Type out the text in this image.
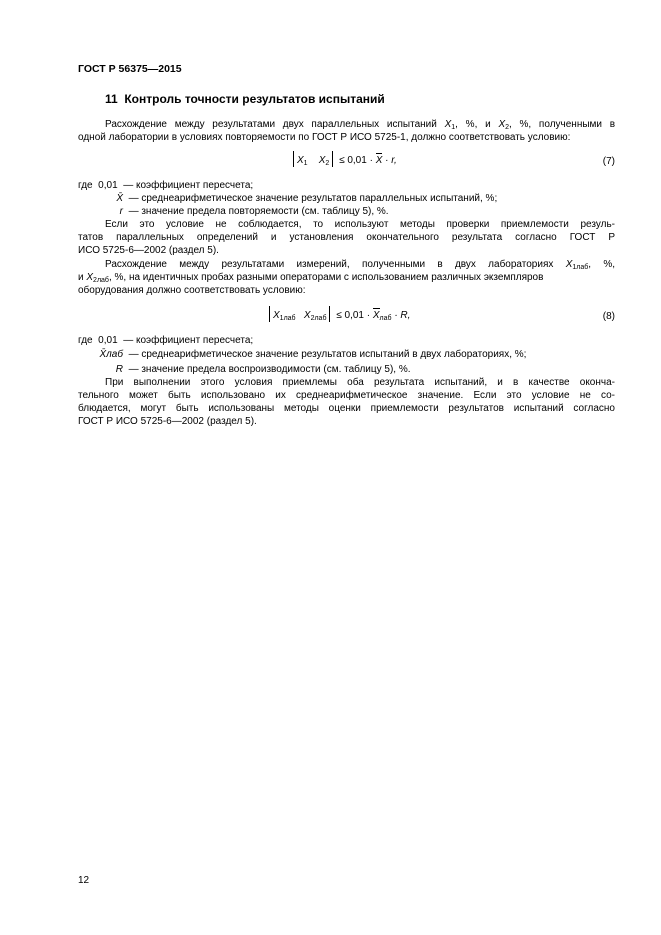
ГОСТ Р 56375—2015
11 Контроль точности результатов испытаний
Расхождение между результатами двух параллельных испытаний $X_1$, %, и $X_2$, %, полученными в
одной лаборатории в условиях повторяемости по ГОСТ Р ИСО 5725-1, должно соответствовать условию:
$X_1$ $X_2 \le 0,01 \cdot X \cdot r$,	(7)
где 0,01 — коэффициент пересчета;
X̄ — среднеарифметическое значение результатов параллельных испытаний, %;
r — значение предела повторяемости (см. таблицу 5), %.
Если это условие не соблюдается, то используют методы проверки приемлемости резуль-
татов параллельных определений и установления окончательного результата согласно ГОСТ Р
ИСО 5725-6—2002 (раздел 5).
Расхождение между результатами измерений, полученными в двух лабораториях $X_{1лаб}$, %,
и $X_{2лаб}$, %, на идентичных пробах разными операторами с использованием различных экземпляров
оборудования должно соответствовать условию:
$X_{1лаб}$ $X_{2лаб} \le 0,01 \cdot X_{лаб} \cdot R$,	(8)
где 0,01 — коэффициент пересчета;
X̄лаб — среднеарифметическое значение результатов испытаний в двух лабораториях, %;
R — значение предела воспроизводимости (см. таблицу 5), %.
При выполнении этого условия приемлемы оба результата испытаний, и в качестве оконча-
тельного может быть использовано их среднеарифметическое значение. Если это условие не со-
блюдается, могут быть использованы методы оценки приемлемости результатов испытаний согласно
ГОСТ Р ИСО 5725-6—2002 (раздел 5).
12
